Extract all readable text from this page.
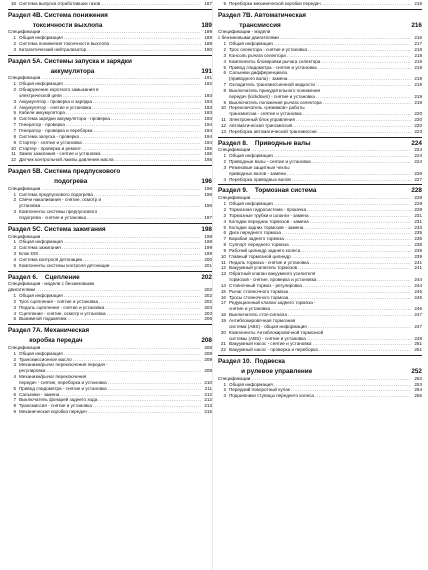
18 Система выпуска отработавших газов .....	187
Раздел 4В. Система понижения
токсичности выхлопа	189
Спецификации .....	189
1 Общая информация .....	189
2 Система понижения токсичности выхлопа .....	189
3 Каталитический нейтрализатор .....	190
Раздел 5А. Системы запуска и зарядки
аккумулятора	191
Спецификации .....	191
1 Общая информация .....	192
2 Обнаружение короткого замыкания в
электрической цепи .....	193
3 Аккумулятор - проверка и зарядка .....	193
4 Аккумулятор - снятие и установка .....	193
5 Кабели аккумулятора .....	193
6 Система зарядки аккумулятора - проверка .....	193
7 Генератор - проверка .....	194
7 Генератор - проверка и переборка .....	194
8 Система запуска - проверка .....	194
9 Стартер - снятие и установка .....	194
10 Стартер - проверка и ремонт .....	195
11 Замок зажигания - снятие и установка .....	195
12 Датчик контрольной лампы давления масла .....	195
Раздел 5В. Система предпускового
подогрева	196
Спецификации .....	196
1 Система предпускового подогрева .....	196
2 Свечи накаливания - снятие, осмотр и
установка .....	196
3 Компоненты системы предпускового
подогрева - снятие и установка .....	197
Раздел 5С. Система зажигания	198
Спецификации .....	198
1 Общая информация .....	198
2 Система зажигания .....	199
3 Блок DIS .....	199
4 Система контроля детонации .....	200
5 Компоненты системы контроля детонации .....	201
Раздел 6.    Сцепление	202
Спецификации - модели с бензиновыми
двигателями .....	202
1 Общая информация .....	202
2 Трос сцепления - снятие и установка .....	202
3 Педаль сцепления - снятие и установка .....	203
4 Сцепление - снятие, осмотр и установка .....	203
5 Выжимной подшипник .....	206
Раздел 7А. Механическая
коробка передач	208
Спецификации .....	208
1 Общая информация .....	209
2 Трансмиссионное масло .....	209
3 Механизм/рычаг переключения передач -
регулировка .....	209
4 Механизм/рычаг переключения
передач - снятие, переборка и установка .....	210
5 Привод спидометра - снятие и установка .....	211
6 Сальники - замена .....	212
7 Выключатель фонарей заднего хода .....	212
8 Трансмиссия - снятие и установка .....	213
9 Механическая коробка передач .....	215
9 Переборка механической коробки передач .....	215
Раздел 7В. Автоматическая
трансмиссия	216
Спецификации - модели
с бензиновыми двигателями .....	216
1 Общая информация .....	217
2 Трос селектора - снятие и установка .....	218
3 Консоль рычага селектора .....	218
4 Компоненты блокировки рычага селектора .....	219
5 Привод спидометра - снятие и установка .....	219
6 Сальники дифференциала
(приводного вала) - замена .....	219
7 Охладитель трансмиссионной жидкости .....	219
8 Выключатель принудительного понижения
передач (kickdown) - снятие и установка .....	219
9 Выключатель положения рычага селектора .....	219
10 Переключатель «режимов» работы
трансмиссии - снятие и установка .....	220
11 Электронный блок управления .....	220
12 Автоматическая трансмиссия .....	220
13 Переборка автоматической трансмиссии .....	223
Раздел 8.    Приводные валы	224
Спецификации .....	224
1 Общая информация .....	224
2 Приводные валы - снятие и установка .....	224
3 Резиновые защитные чехлы
приводных валов - замена .....	226
4 Переборка приводных валов .....	227
Раздел 9.    Тормозная система	228
Спецификации .....	228
1 Общая информация .....	229
2 Тормозная гидросистема - прокачка .....	229
3 Тормозные трубки и шланги - замена .....	231
4 Колодки передних тормозов - замена .....	231
5 Колодки задних тормозов - замена .....	233
6 Диск переднего тормоза .....	235
7 Барабан заднего тормоза .....	236
8 Суппорт переднего тормоза .....	238
9 Рабочий цилиндр заднего колеса .....	239
10 Главный тормозной цилиндр .....	239
11 Педаль тормоза - снятие и установка .....	241
12 Вакуумный усилитель тормозов .....	241
13 Обратный клапан вакуумного усилителя
тормозов - снятие, проверка и установка .....	244
14 Стояночный тормоз - регулировка .....	244
15 Рычаг стояночного тормоза .....	245
16 Тросы стояночного тормоза .....	245
17 Редукционный клапан заднего тормоза -
снятие и установка .....	246
18 Выключатель стоп-сигнала .....	247
19 Антиблокировочная тормозная
система (ABS) - общая информация .....	247
20 Компоненты Антиблокировочной тормозной
системы (ABS) - снятие и установка .....	248
21 Вакуумный насос - снятие и установка .....	251
22 Вакуумный насос - проверка и переборка .....	251
Раздел 10.  Подвеска
и рулевое управление	252
Спецификации .....	252
1 Общая информация .....	253
2 Передний поворотный кулак .....	254
3 Подшипники ступицы переднего колеса .....	255
